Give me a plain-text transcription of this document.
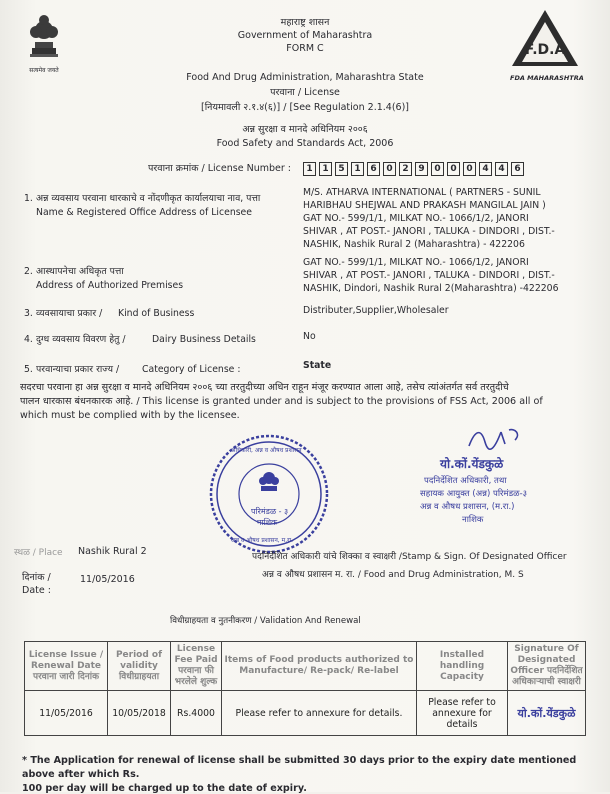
सत्यमेव जयते
F.D.A
FDA MAHARASHTRA
महाराष्ट्र शासन
Government of Maharashtra
FORM C
Food And Drug Administration, Maharashtra State
परवाना / License
[नियमावली २.१.४(६)] / [See Regulation 2.1.4(6)]
अन्न सुरक्षा व मानदे अधिनियम २००६
Food Safety and Standards Act, 2006
परवाना क्रमांक / License Number :	1	1	5	1	6	0	2	9	0	0	0	4	4	6
1. अन्न व्यवसाय परवाना धारकाचे व नोंदणीकृत कार्यालयाचा नाव, पत्ता
Name & Registered Office Address of Licensee
M/S. ATHARVA INTERNATIONAL ( PARTNERS - SUNIL
HARIBHAU SHEJWAL AND PRAKASH MANGILAL JAIN )
GAT NO.- 599/1/1, MILKAT NO.- 1066/1/2, JANORI
SHIVAR , AT POST.- JANORI , TALUKA - DINDORI , DIST.-
NASHIK, Nashik Rural 2 (Maharashtra) - 422206
2. आस्थापनेचा अधिकृत पत्ता
Address of Authorized Premises
GAT NO.- 599/1/1, MILKAT NO.- 1066/1/2, JANORI
SHIVAR , AT POST.- JANORI , TALUKA - DINDORI , DIST.-
NASHIK, Dindori, Nashik Rural 2(Maharashtra) -422206
3. व्यवसायाचा प्रकार / Kind of Business	Distributer,Supplier,Wholesaler
4. दुग्ध व्यवसाय विवरण हेतु /	Dairy Business Details	No
5. परवान्याचा प्रकार राज्य / Category of License :	State
सदरचा परवाना हा अन्न सुरक्षा व मानदे अधिनियम २००६ च्या तरतुदीच्या अधिन राहून मंजूर करण्यात आला आहे, तसेच त्यांअंतर्गत सर्व तरतुदीचे
पालन धारकास बंधनकारक आहे. / This license is granted under and is subject to the provisions of FSS Act, 2006 all of
which must be complied with by the licensee.
परिमंडळ - ३
नाशिक
अधिकारी, अन्न व औषध प्रशासन
अन्न व औषध प्रशासन, म.रा.
यो.कों.येंडकुळे
पदनिर्देशित अधिकारी, तथा
सहायक आयुक्त (अन्न) परिमंडळ-३
अन्न व औषध प्रशासन, (म.रा.)
नाशिक
स्थळ / Place Nashik Rural 2	पदनिर्देशित अधिकारी यांचे शिक्का व स्वाक्षरी /Stamp & Sign. Of Designated Officer
अन्न व औषध प्रशासन म. रा. / Food and Drug Administration, M. S
दिनांक /
Date :
11/05/2016
विधीग्राहयता व नुतनीकरण / Validation And Renewal
License Issue / Renewal Date परवाना जारी दिनांक	Period of validity विधीग्राहयता	License Fee Paid परवाना फी भरलेले शुल्क	Items of Food products authorized to Manufacture/ Re-pack/ Re-label	Installed handling Capacity	Signature Of Designated Officer पदनिर्देशित अधिकाऱ्याची स्वाक्षरी
11/05/2016	10/05/2018	Rs.4000	Please refer to annexure for details.	Please refer to annexure for details	यो.कों.येंडकुळे
* The Application for renewal of license shall be submitted 30 days prior to the expiry date mentioned
above after which Rs.
100 per day will be charged up to the date of expiry.
